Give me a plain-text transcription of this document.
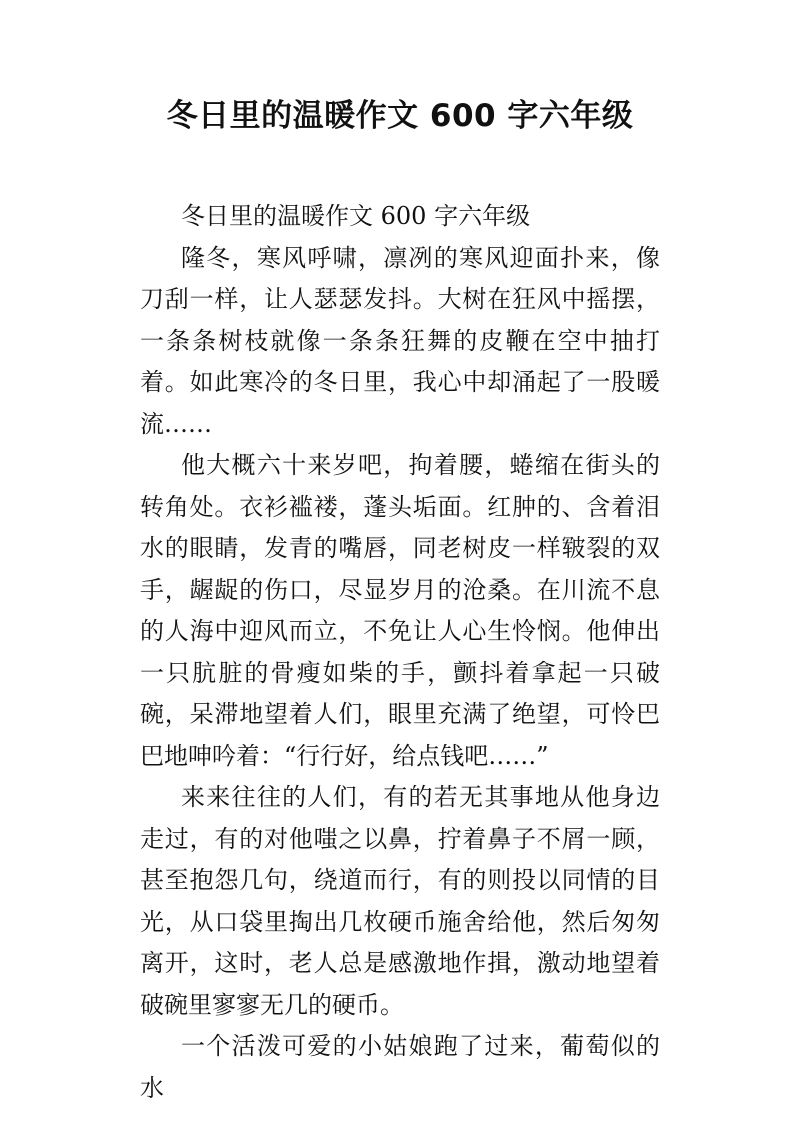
冬日里的温暖作文 600 字六年级

冬日里的温暖作文 600 字六年级

隆冬，寒风呼啸，凛冽的寒风迎面扑来，像刀刮一样，让人瑟瑟发抖。大树在狂风中摇摆，一条条树枝就像一条条狂舞的皮鞭在空中抽打着。如此寒冷的冬日里，我心中却涌起了一股暖流……

他大概六十来岁吧，拘着腰，蜷缩在街头的转角处。衣衫褴褛，蓬头垢面。红肿的、含着泪水的眼睛，发青的嘴唇，同老树皮一样皲裂的双手，龌龊的伤口，尽显岁月的沧桑。在川流不息的人海中迎风而立，不免让人心生怜悯。他伸出一只肮脏的骨瘦如柴的手，颤抖着拿起一只破碗，呆滞地望着人们，眼里充满了绝望，可怜巴巴地呻吟着：“行行好，给点钱吧……”

来来往往的人们，有的若无其事地从他身边走过，有的对他嗤之以鼻，拧着鼻子不屑一顾，甚至抱怨几句，绕道而行，有的则投以同情的目光，从口袋里掏出几枚硬币施舍给他，然后匆匆离开，这时，老人总是感激地作揖，激动地望着破碗里寥寥无几的硬币。

一个活泼可爱的小姑娘跑了过来，葡萄似的水
